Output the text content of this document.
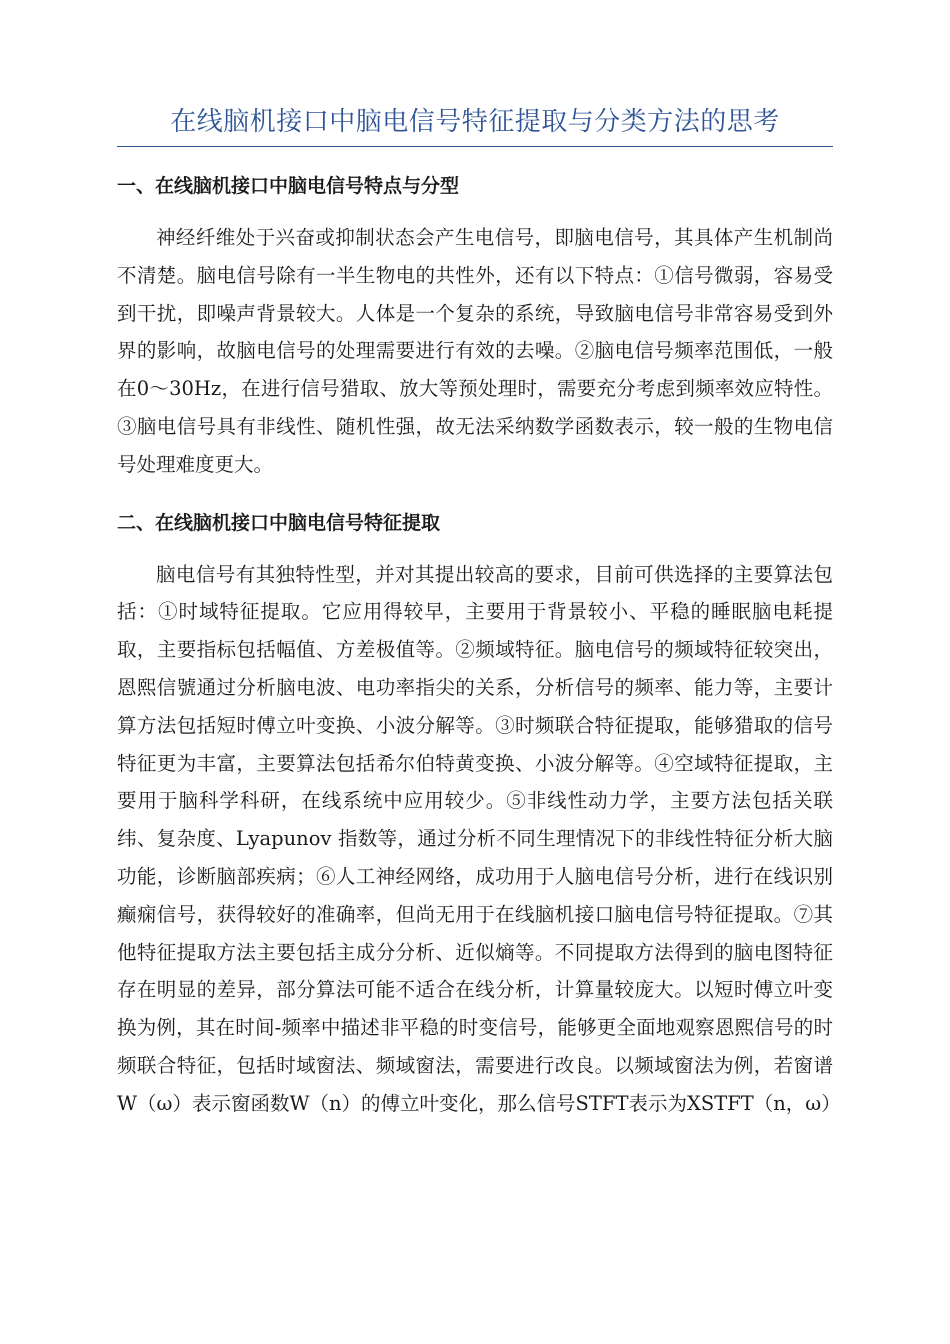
在线脑机接口中脑电信号特征提取与分类方法的思考
一、在线脑机接口中脑电信号特点与分型

神经纤维处于兴奋或抑制状态会产生电信号，即脑电信号，其具体产生机制尚不清楚。脑电信号除有一半生物电的共性外，还有以下特点：①信号微弱，容易受到干扰，即噪声背景较大。人体是一个复杂的系统，导致脑电信号非常容易受到外界的影响，故脑电信号的处理需要进行有效的去噪。②脑电信号频率范围低，一般在0～30Hz，在进行信号猎取、放大等预处理时，需要充分考虑到频率效应特性。③脑电信号具有非线性、随机性强，故无法采纳数学函数表示，较一般的生物电信号处理难度更大。

二、在线脑机接口中脑电信号特征提取

脑电信号有其独特性型，并对其提出较高的要求，目前可供选择的主要算法包括：①时域特征提取。它应用得较早，主要用于背景较小、平稳的睡眠脑电耗提取，主要指标包括幅值、方差极值等。②频域特征。脑电信号的频域特征较突出，恩熙信號通过分析脑电波、电功率指尖的关系，分析信号的频率、能力等，主要计算方法包括短时傅立叶变换、小波分解等。③时频联合特征提取，能够猎取的信号特征更为丰富，主要算法包括希尔伯特黄变换、小波分解等。④空域特征提取，主要用于脑科学科研，在线系统中应用较少。⑤非线性动力学，主要方法包括关联纬、复杂度、Lyapunov 指数等，通过分析不同生理情况下的非线性特征分析大脑功能，诊断脑部疾病；⑥人工神经网络，成功用于人脑电信号分析，进行在线识别癫痫信号，获得较好的准确率，但尚无用于在线脑机接口脑电信号特征提取。⑦其他特征提取方法主要包括主成分分析、近似熵等。不同提取方法得到的脑电图特征存在明显的差异，部分算法可能不适合在线分析，计算量较庞大。以短时傅立叶变换为例，其在时间-频率中描述非平稳的时变信号，能够更全面地观察恩熙信号的时频联合特征，包括时域窗法、频域窗法，需要进行改良。以频域窗法为例，若窗谱W（ω）表示窗函数W（n）的傅立叶变化，那么信号STFT表示为XSTFT（n，ω）
